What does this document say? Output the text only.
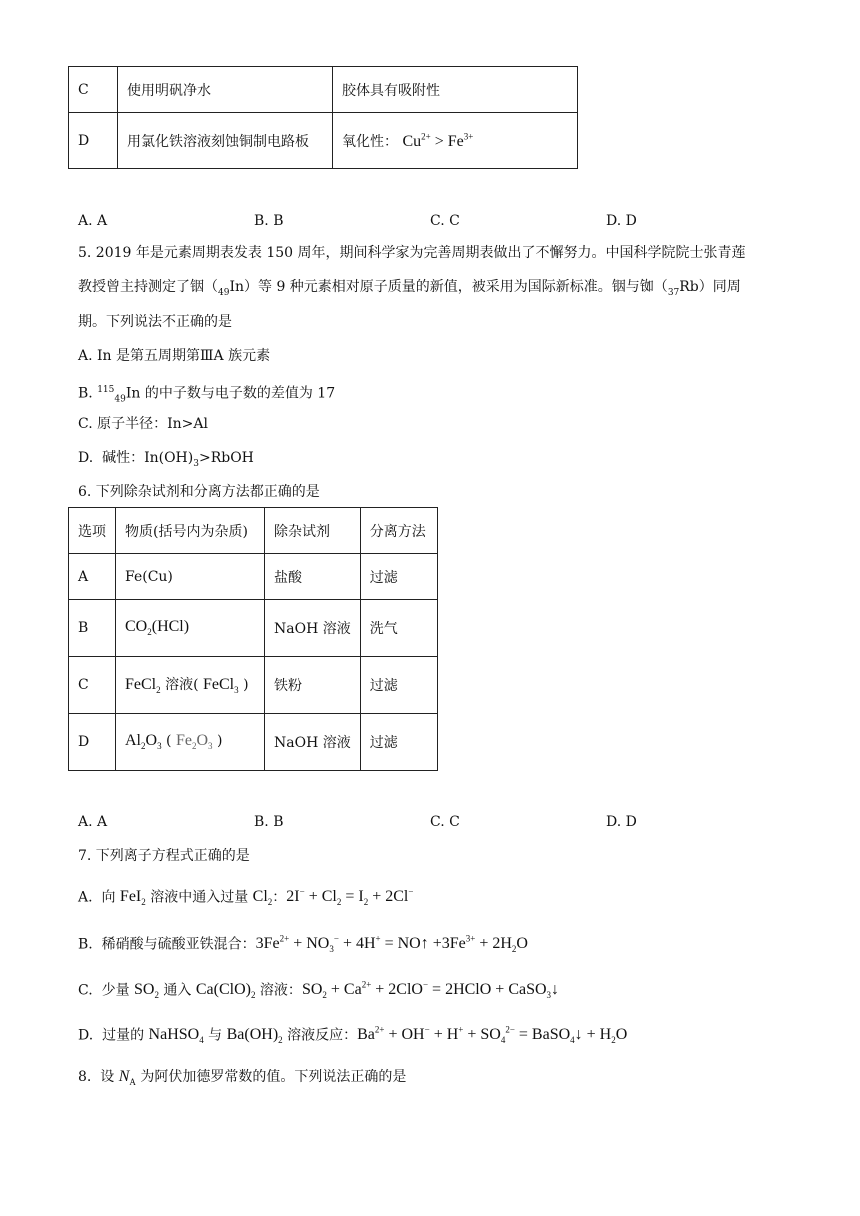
C	使用明矾净水	胶体具有吸附性
D	用氯化铁溶液刻蚀铜制电路板	氧化性： $Cu^{2+} > Fe^{3+}$
A. A	B. B	C. C	D. D
5. 2019 年是元素周期表发表 150 周年，期间科学家为完善周期表做出了不懈努力。中国科学院院士张青莲
教授曾主持测定了铟$(_{49}In)$等 9 种元素相对原子质量的新值，被采用为国际新标准。铟与铷$(_{37}Rb)$同周
期。下列说法不正确的是
A. In 是第五周期第ⅢA 族元素
B. $^{115}_{49}$In 的中子数与电子数的差值为 17
C. 原子半径：In>Al
D.  碱性：$In(OH)_3>RbOH$
6. 下列除杂试剂和分离方法都正确的是
选项	物质(括号内为杂质)	除杂试剂	分离方法
A	Fe(Cu)	盐酸	过滤
B	$CO_2(HCl)$	NaOH 溶液	洗气
C	FeCl$_2$ 溶液( FeCl$_3$ )	铁粉	过滤
D	$Al_2O_3$ ( $Fe_2O_3$ )	NaOH 溶液	过滤
A. A	B. B	C. C	D. D
7. 下列离子方程式正确的是
A.  向 FeI$_2$ 溶液中通入过量 $Cl_2$：$2I^- + Cl_2 = I_2 + 2Cl^-$
B.  稀硝酸与硫酸亚铁混合：$3Fe^{2+} + NO_3^- + 4H^+$ = NO↑ $+3Fe^{3+} + 2H_2O$
C.  少量 $SO_2$ 通入 $Ca(ClO)_2$ 溶液：$SO_2 + Ca^{2+} + 2ClO^-$ = 2HClO + CaSO$_3$↓
D.  过量的 NaHSO$_4$ 与 $Ba(OH)_2$ 溶液反应：$Ba^{2+} + OH^- + H^+ + SO_4^{2-}$ = BaSO$_4$↓ + $H_2O$
8.  设 $N_A$ 为阿伏加德罗常数的值。下列说法正确的是
